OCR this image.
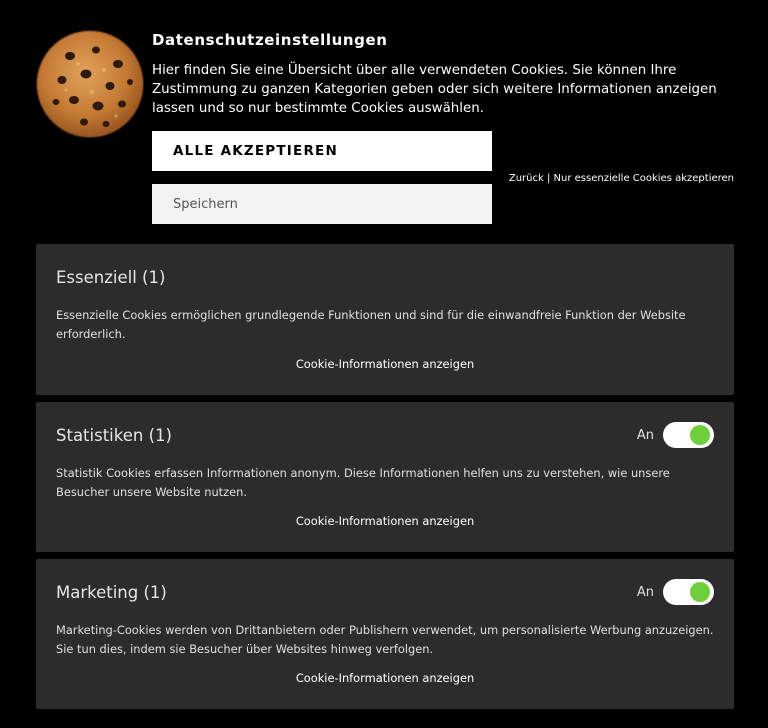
Datenschutzeinstellungen

Hier finden Sie eine Übersicht über alle verwendeten Cookies. Sie können Ihre Zustimmung zu ganzen Kategorien geben oder sich weitere Informationen anzeigen lassen und so nur bestimmte Cookies auswählen.

ALLE AKZEPTIEREN
Speichern
Zurück | Nur essenzielle Cookies akzeptieren
Essenziell (1)

Essenzielle Cookies ermöglichen grundlegende Funktionen und sind für die einwandfreie Funktion der Website erforderlich.

Cookie-Informationen anzeigen
Statistiken (1)	An

Statistik Cookies erfassen Informationen anonym. Diese Informationen helfen uns zu verstehen, wie unsere Besucher unsere Website nutzen.

Cookie-Informationen anzeigen
Marketing (1)	An

Marketing-Cookies werden von Drittanbietern oder Publishern verwendet, um personalisierte Werbung anzuzeigen. Sie tun dies, indem sie Besucher über Websites hinweg verfolgen.

Cookie-Informationen anzeigen
